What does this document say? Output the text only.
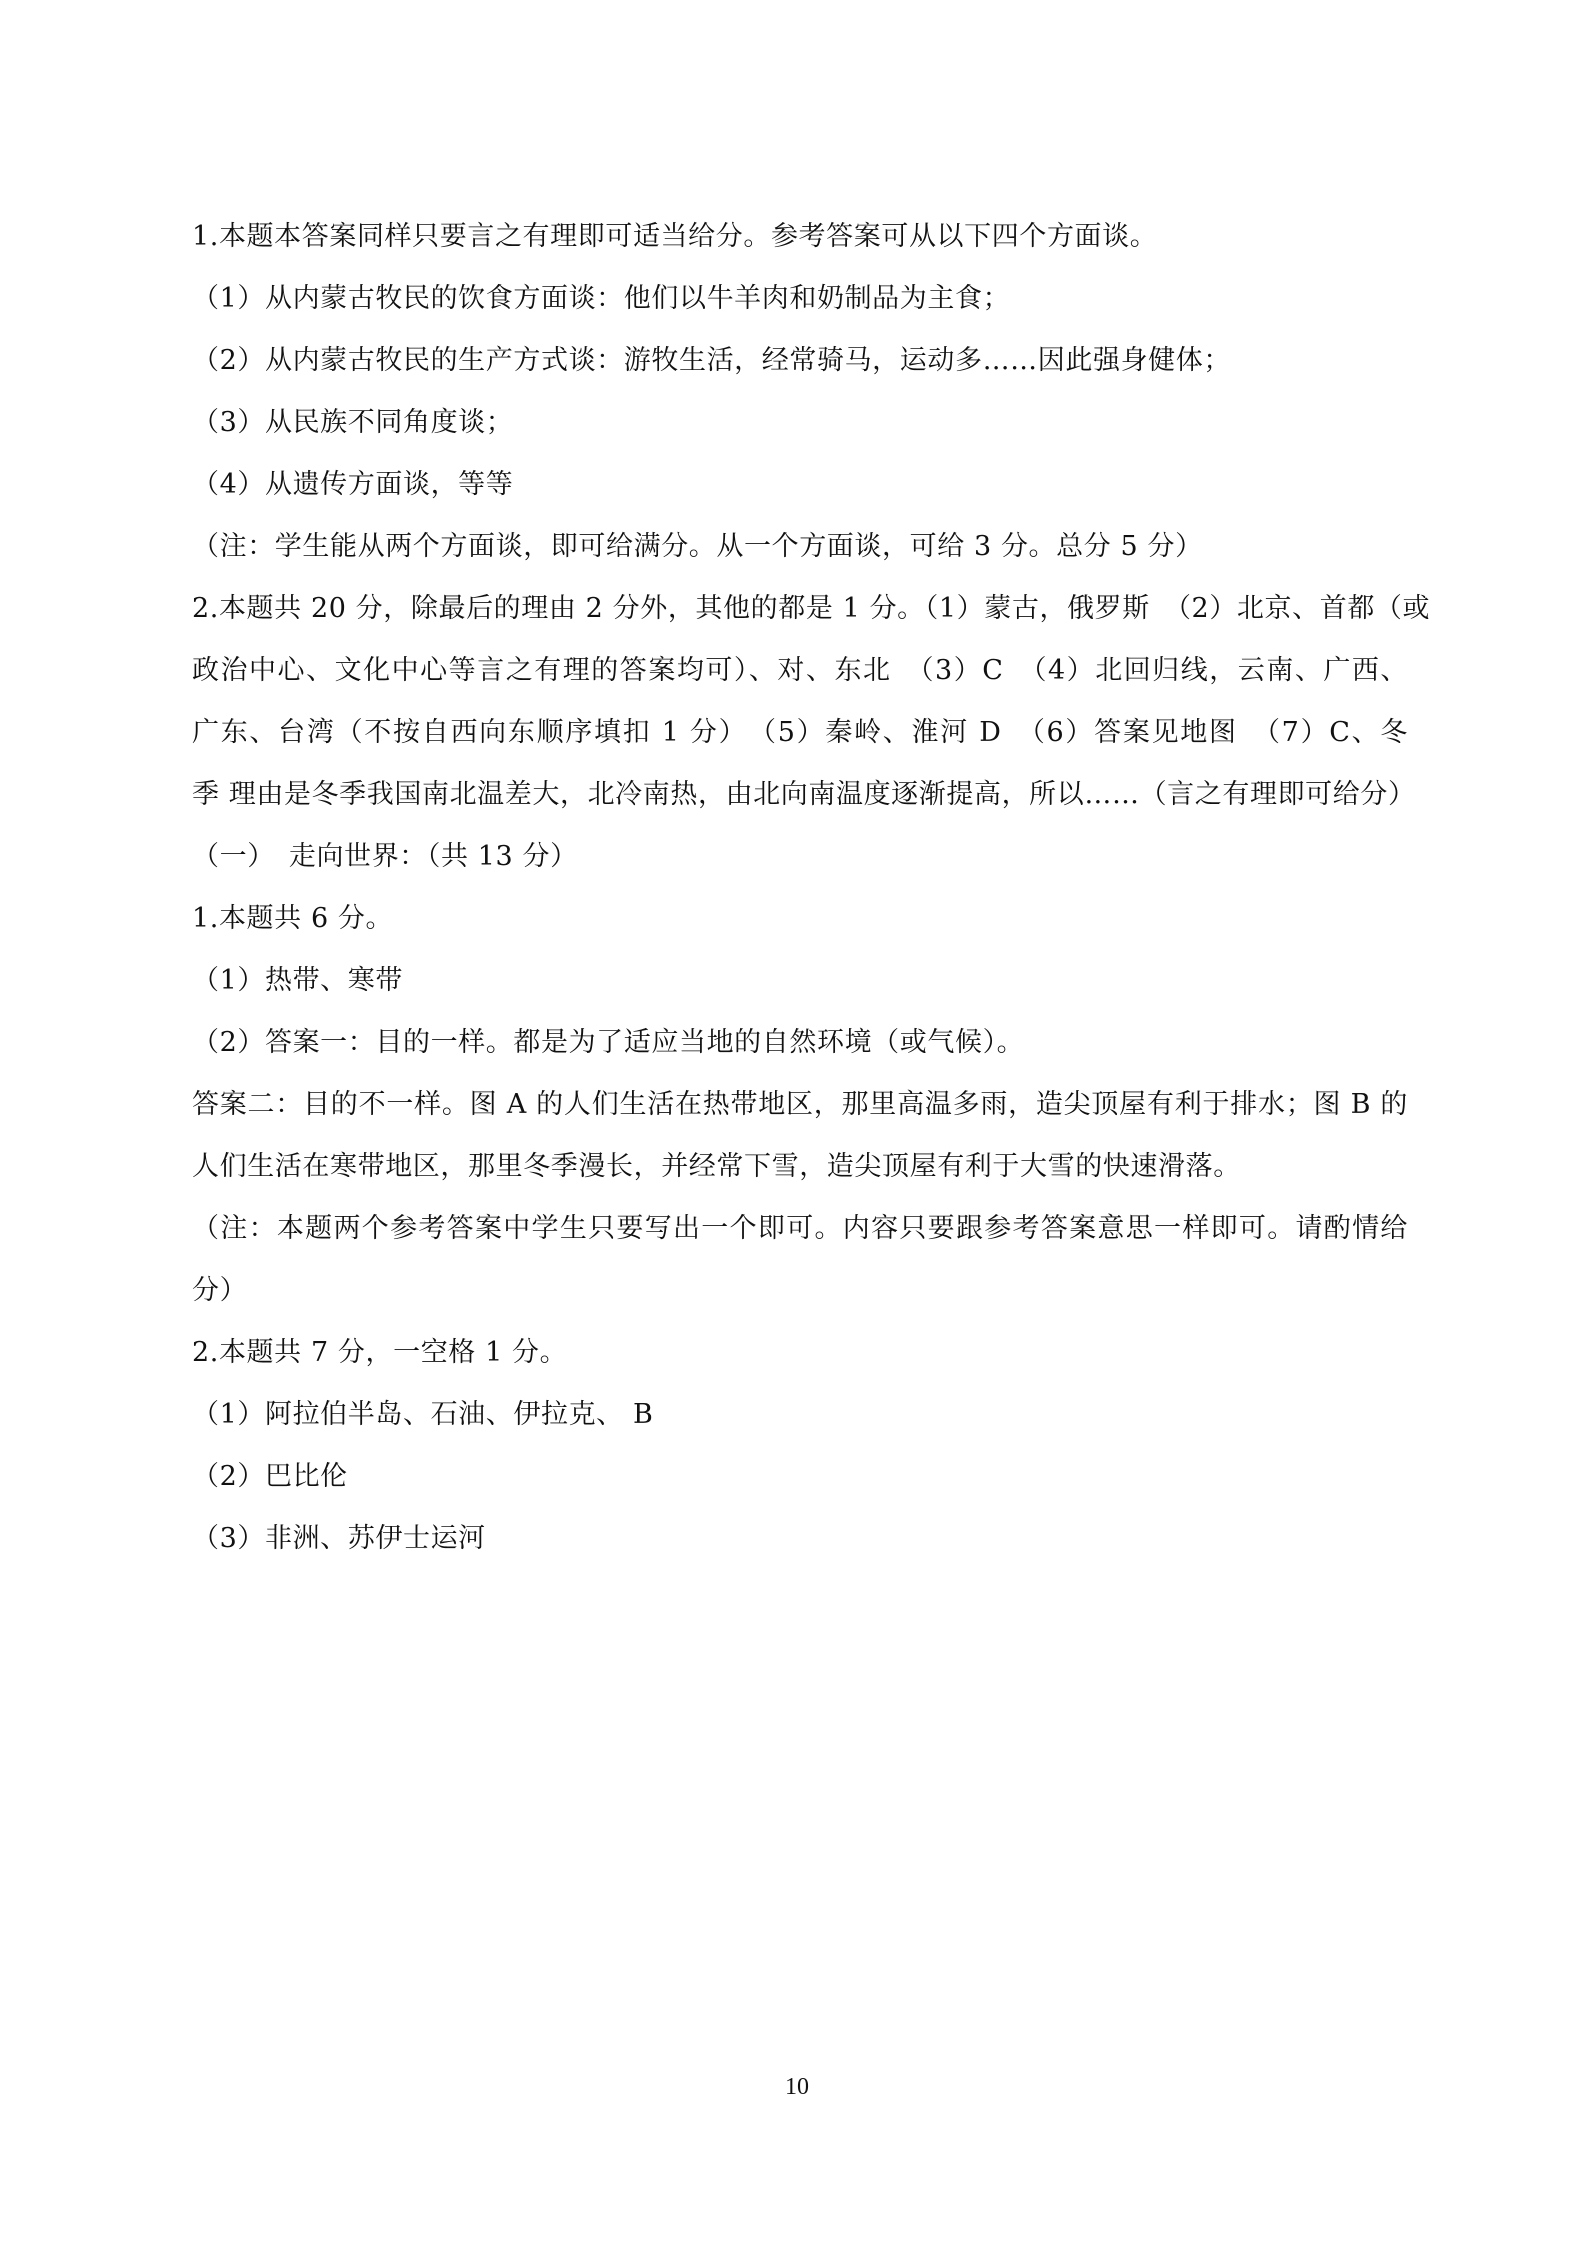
1.本题本答案同样只要言之有理即可适当给分。参考答案可从以下四个方面谈。
（1）从内蒙古牧民的饮食方面谈：他们以牛羊肉和奶制品为主食；
（2）从内蒙古牧民的生产方式谈：游牧生活，经常骑马，运动多……因此强身健体；
（3）从民族不同角度谈；
（4）从遗传方面谈，等等
（注：学生能从两个方面谈，即可给满分。从一个方面谈，可给 3 分。总分 5 分）
2.本题共 20 分，除最后的理由 2 分外，其他的都是 1 分。（1）蒙古，俄罗斯　（2）北京、首都（或
政治中心、文化中心等言之有理的答案均可）、对、东北　（3）C　（4）北回归线，云南、广西、
广东、台湾（不按自西向东顺序填扣 1 分）　（5）秦岭、淮河 D　（6）答案见地图　（7）C、冬
季 理由是冬季我国南北温差大，北冷南热，由北向南温度逐渐提高，所以……（言之有理即可给分）
（一）　走向世界：（共 13 分）
1.本题共 6 分。
（1）热带、寒带
（2）答案一：目的一样。都是为了适应当地的自然环境（或气候）。
答案二：目的不一样。图 A 的人们生活在热带地区，那里高温多雨，造尖顶屋有利于排水；图 B 的
人们生活在寒带地区，那里冬季漫长，并经常下雪，造尖顶屋有利于大雪的快速滑落。
（注：本题两个参考答案中学生只要写出一个即可。内容只要跟参考答案意思一样即可。请酌情给
分）
2.本题共 7 分，一空格 1 分。
（1）阿拉伯半岛、石油、伊拉克、 B
（2）巴比伦
（3）非洲、苏伊士运河
10
